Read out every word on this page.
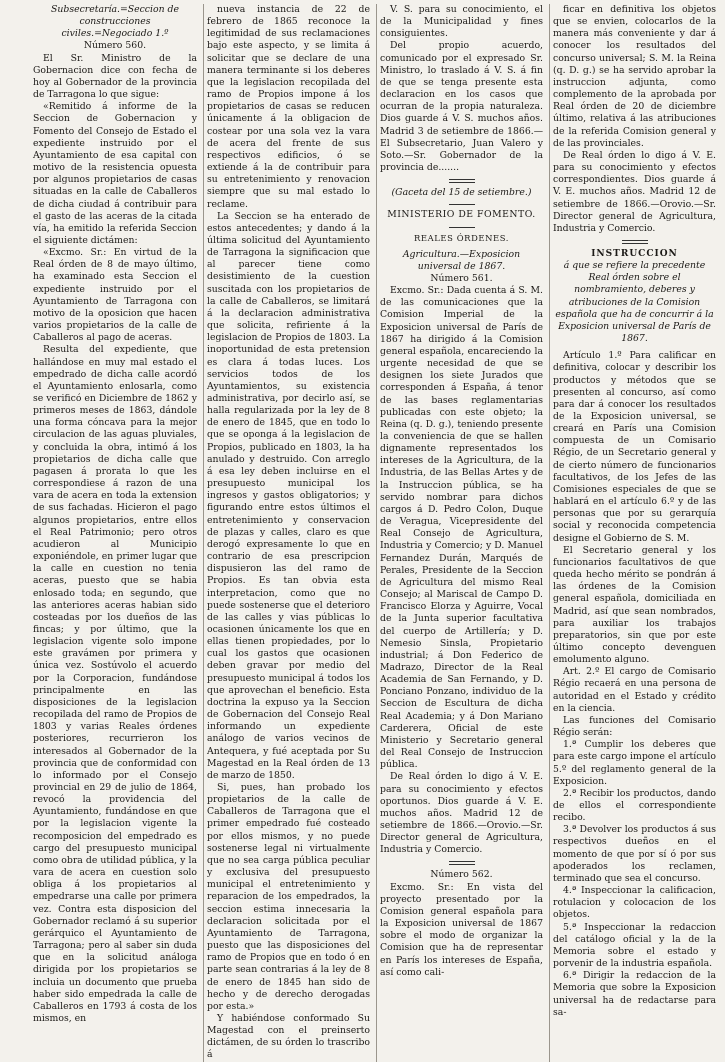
Subsecretaría.=Seccion de construcciones civiles.=Negociado 1.º

Número 560.

El Sr. Ministro de la Gobernacion dice con fecha de hoy al Gobernador de la provincia de Tarragona lo que sigue:

«Remitido á informe de la Seccion de Gobernacion y Fomento del Consejo de Estado el expediente instruido por el Ayuntamiento de esa capital con motivo de la resistencia opuesta por algunos propietarios de casas situadas en la calle de Caballeros de dicha ciudad á contribuir para el gasto de las aceras de la citada vía, ha emitido la referida Seccion el siguiente dictámen:

«Excmo. Sr.: En virtud de la Real órden de 8 de mayo último, ha examinado esta Seccion el expediente instruido por el Ayuntamiento de Tarragona con motivo de la oposicion que hacen varios propietarios de la calle de Caballeros al pago de aceras.

Resulta del expediente, que hallándose en muy mal estado el empedrado de dicha calle acordó el Ayuntamiento enlosarla, como se verificó en Diciembre de 1862 y primeros meses de 1863, dándole una forma cóncava para la mejor circulacion de las aguas pluviales, y concluida la obra, intimó á los propietarios de dicha calle que pagasen á prorata lo que les correspondiese á razon de una vara de acera en toda la extension de sus fachadas. Hicieron el pago algunos propietarios, entre ellos el Real Patrimonio; pero otros acudieron al Municipio exponiéndole, en primer lugar que la calle en cuestion no tenia aceras, puesto que se habia enlosado toda; en segundo, que las anteriores aceras habian sido costeadas por los dueños de las fincas; y por último, que la legislacion vigente solo impone este gravámen por primera y única vez. Sostúvolo el acuerdo por la Corporacion, fundándose principalmente en las disposiciones de la legislacion recopilada del ramo de Propios de 1803 y varias Reales órdenes posteriores, recurrieron los interesados al Gobernador de la provincia que de conformidad con lo informado por el Consejo provincial en 29 de julio de 1864, revocó la providencia del Ayuntamiento, fundándose en que por la legislacion vigente la recomposicion del empedrado es cargo del presupuesto municipal como obra de utilidad pública, y la vara de acera en cuestion solo obliga á los propietarios al empedrarse una calle por primera vez. Contra esta disposicion del Gobernador reclamó á su superior gerárquico el Ayuntamiento de Tarragona; pero al saber sin duda que en la solicitud análoga dirigida por los propietarios se incluia un documento que prueba haber sido empedrada la calle de Caballeros en 1793 á costa de los mismos, en

nueva instancia de 22 de febrero de 1865 reconoce la legitimidad de sus reclamaciones bajo este aspecto, y se limita á solicitar que se declare de una manera terminante si los deberes que la legislacion recopilada del ramo de Propios impone á los propietarios de casas se reducen únicamente á la obligacion de costear por una sola vez la vara de acera del frente de sus respectivos edificios, ó se extiende á la de contribuir para su entretenimiento y renovacion siempre que su mal estado lo reclame.

La Seccion se ha enterado de estos antecedentes; y dando á la última solicitud del Ayuntamiento de Tarragona la significacion que al parecer tiene como desistimiento de la cuestion suscitada con los propietarios de la calle de Caballeros, se limitará á la declaracion administrativa que solicita, refiriente á la legislacion de Propios de 1803. La inoportunidad de esta pretension es clara á todas luces. Los servicios todos de los Ayuntamientos, su existencia administrativa, por decirlo así, se halla regularizada por la ley de 8 de enero de 1845, que en todo lo que se oponga á la legislacion de Propios, publicado en 1803, la ha anulado y destruido. Con arreglo á esa ley deben incluirse en el presupuesto municipal los ingresos y gastos obligatorios; y figurando entre estos últimos el entretenimiento y conservacion de plazas y calles, claro es que derogó expresamente lo que en contrario de esa prescripcion dispusieron las del ramo de Propios. Es tan obvia esta interpretacion, como que no puede sostenerse que el deterioro de las calles y vias públicas lo ocasionen únicamente los que en ellas tienen propiedades, por lo cual los gastos que ocasionen deben gravar por medio del presupuesto municipal á todos los que aprovechan el beneficio. Esta doctrina la expuso ya la Seccion de Gobernacion del Consejo Real informando un expediente análogo de varios vecinos de Antequera, y fué aceptada por Su Magestad en la Real órden de 13 de marzo de 1850.

Si, pues, han probado los propietarios de la calle de Caballeros de Tarragona que el primer empedrado fué costeado por ellos mismos, y no puede sostenerse legal ni virtualmente que no sea carga pública peculiar y exclusiva del presupuesto municipal el entretenimiento y reparacion de los empedrados, la seccion estima innecesaria la declaracion solicitada por el Ayuntamiento de Tarragona, puesto que las disposiciones del ramo de Propios que en todo ó en parte sean contrarias á la ley de 8 de enero de 1845 han sido de hecho y de derecho derogadas por esta.»

Y habiéndose conformado Su Magestad con el preinserto dictámen, de su órden lo trascribo á

V. S. para su conocimiento, el de la Municipalidad y fines consiguientes.

Del propio acuerdo, comunicado por el expresado Sr. Ministro, lo traslado á V. S. á fin de que se tenga presente esta declaracion en los casos que ocurran de la propia naturaleza. Dios guarde á V. S. muchos años. Madrid 3 de setiembre de 1866.—El Subsecretario, Juan Valero y Soto.—Sr. Gobernador de la provincia de.......

(Gaceta del 15 de setiembre.)

MINISTERIO DE FOMENTO.

REALES ÓRDENES.

Agricultura.—Exposicion universal de 1867.

Número 561.

Excmo. Sr.: Dada cuenta á S. M. de las comunicaciones que la Comision Imperial de la Exposicion universal de París de 1867 ha dirigido á la Comision general española, encareciendo la urgente necesidad de que se designen los siete Jurados que corresponden á España, á tenor de las bases reglamentarias publicadas con este objeto; la Reina (q. D. g.), teniendo presente la conveniencia de que se hallen dignamente representados los intereses de la Agricultura, de la Industria, de las Bellas Artes y de la Instruccion pública, se ha servido nombrar para dichos cargos á D. Pedro Colon, Duque de Veragua, Vicepresidente del Real Consejo de Agricultura, Industria y Comercio; y D. Manuel Fernandez Durán, Marqués de Perales, Presidente de la Seccion de Agricultura del mismo Real Consejo; al Mariscal de Campo D. Francisco Elorza y Aguirre, Vocal de la Junta superior facultativa del cuerpo de Artillería; y D. Nemesio Sinsla, Propietario industrial; á Don Federico de Madrazo, Director de la Real Academia de San Fernando, y D. Ponciano Ponzano, individuo de la Seccion de Escultura de dicha Real Academia; y á Don Mariano Carderera, Oficial de este Ministerio y Secretario general del Real Consejo de Instruccion pública.

De Real órden lo digo á V. E. para su conocimiento y efectos oportunos. Dios guarde á V. E. muchos años. Madrid 12 de setiembre de 1866.—Orovio.—Sr. Director general de Agricultura, Industria y Comercio.

Número 562.

Excmo. Sr.: En vista del proyecto presentado por la Comision general española para la Exposicion universal de 1867 sobre el modo de organizar la Comision que ha de representar en París los intereses de España, así como cali-

ficar en definitiva los objetos que se envien, colocarlos de la manera más conveniente y dar á conocer los resultados del concurso universal; S. M. la Reina (q. D. g.) se ha servido aprobar la instruccion adjunta, como complemento de la aprobada por Real órden de 20 de diciembre último, relativa á las atribuciones de la referida Comision general y de las provinciales.

De Real órden lo digo á V. E. para su conocimiento y efectos correspondientes. Dios guarde á V. E. muchos años. Madrid 12 de setiembre de 1866.—Orovio.—Sr. Director general de Agricultura, Industria y Comercio.

INSTRUCCION

á que se refiere la precedente Real órden sobre el nombramiento, deberes y atribuciones de la Comision española que ha de concurrir á la Exposicion universal de París de 1867.

Artículo 1.º Para calificar en definitiva, colocar y describir los productos y métodos que se presenten al concurso, así como para dar á conocer los resultados de la Exposicion universal, se creará en París una Comision compuesta de un Comisario Régio, de un Secretario general y de cierto número de funcionarios facultativos, de los Jefes de las Comisiones especiales de que se hablará en el artículo 6.º y de las personas que por su gerarquía social y reconocida competencia designe el Gobierno de S. M.

El Secretario general y los funcionarios facultativos de que queda hecho mérito se pondrán á las órdenes de la Comision general española, domiciliada en Madrid, así que sean nombrados, para auxiliar los trabajos preparatorios, sin que por este último concepto devenguen emolumento alguno.

Art. 2.º El cargo de Comisario Régio recaerá en una persona de autoridad en el Estado y crédito en la ciencia.

Las funciones del Comisario Régio serán:

1.ª Cumplir los deberes que para este cargo impone el artículo 5.º del reglamento general de la Exposicion.

2.ª Recibir los productos, dando de ellos el correspondiente recibo.

3.ª Devolver los productos á sus respectivos dueños en el momento de que por sí ó por sus apoderados los reclamen, terminado que sea el concurso.

4.ª Inspeccionar la calificacion, rotulacion y colocacion de los objetos.

5.ª Inspeccionar la redaccion del catálogo oficial y la de la Memoria sobre el estado y porvenir de la industria española.

6.ª Dirigir la redaccion de la Memoria que sobre la Exposicion universal ha de redactarse para sa-
